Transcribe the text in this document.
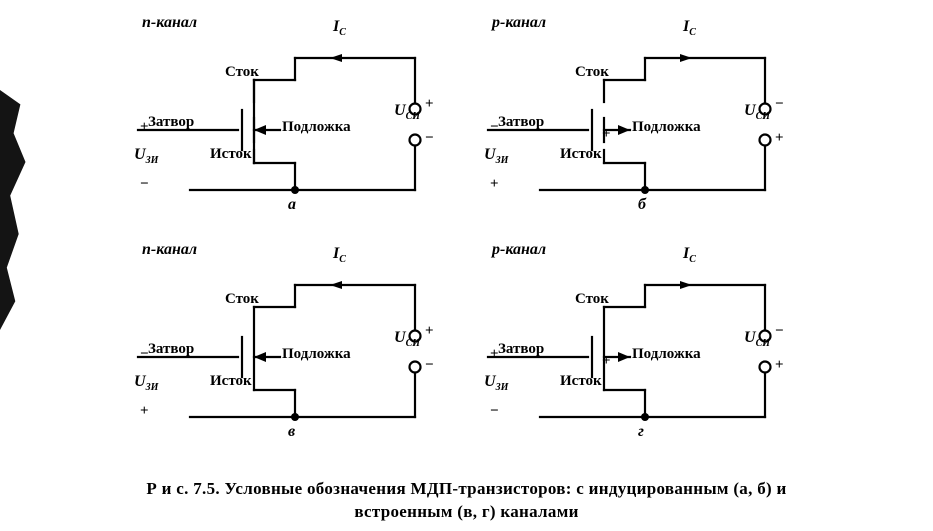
n-канал
Сток
Затвор
Исток
Подложка
$I_С$
$U_{СИ}$
$U_{ЗИ}$
+
−
+
−
а
p-канал
Сток
Затвор
Исток
Подложка
$I_С$
$U_{СИ}$
$U_{ЗИ}$
−
+
−
+
+
б
n-канал
Сток
Затвор
Исток
Подложка
$I_С$
$U_{СИ}$
$U_{ЗИ}$
−
+
+
−
в
p-канал
Сток
Затвор
Исток
Подложка
$I_С$
$U_{СИ}$
$U_{ЗИ}$
+
−
−
+
+
г
Р и с. 7.5. Условные обозначения МДП-транзисторов: с индуцированным (а, б) и
встроенным (в, г) каналами
